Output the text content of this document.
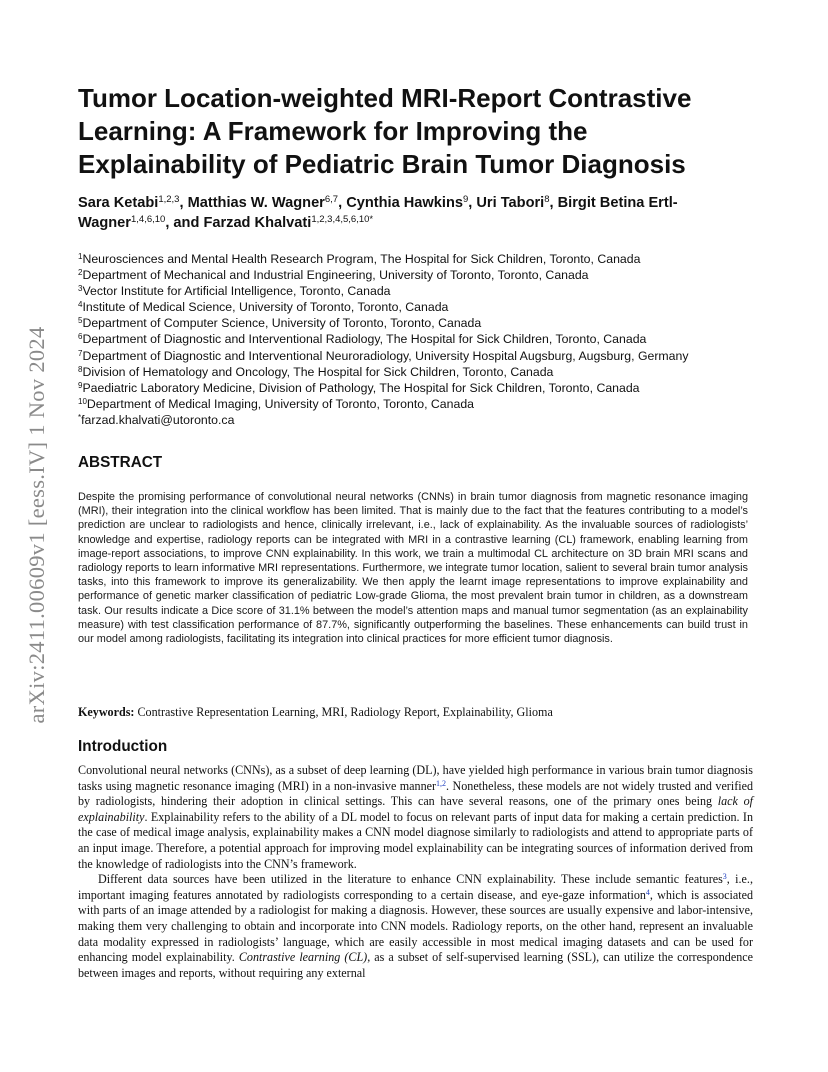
arXiv:2411.00609v1 [eess.IV] 1 Nov 2024
Tumor Location-weighted MRI-Report Contrastive Learning: A Framework for Improving the Explainability of Pediatric Brain Tumor Diagnosis

Sara Ketabi$^{1,2,3}$, Matthias W. Wagner$^{6,7}$, Cynthia Hawkins$^9$, Uri Tabori$^8$, Birgit Betina Ertl-Wagner$^{1,4,6,10}$, and Farzad Khalvati$^{1,2,3,4,5,6,10*}$

$^1$Neurosciences and Mental Health Research Program, The Hospital for Sick Children, Toronto, Canada
$^2$Department of Mechanical and Industrial Engineering, University of Toronto, Toronto, Canada
$^3$Vector Institute for Artificial Intelligence, Toronto, Canada
$^4$Institute of Medical Science, University of Toronto, Toronto, Canada
$^5$Department of Computer Science, University of Toronto, Toronto, Canada
$^6$Department of Diagnostic and Interventional Radiology, The Hospital for Sick Children, Toronto, Canada
$^7$Department of Diagnostic and Interventional Neuroradiology, University Hospital Augsburg, Augsburg, Germany
$^8$Division of Hematology and Oncology, The Hospital for Sick Children, Toronto, Canada
$^9$Paediatric Laboratory Medicine, Division of Pathology, The Hospital for Sick Children, Toronto, Canada
$^{10}$Department of Medical Imaging, University of Toronto, Toronto, Canada
*farzad.khalvati@utoronto.ca
ABSTRACT

Despite the promising performance of convolutional neural networks (CNNs) in brain tumor diagnosis from magnetic resonance imaging (MRI), their integration into the clinical workflow has been limited. That is mainly due to the fact that the features contributing to a model’s prediction are unclear to radiologists and hence, clinically irrelevant, i.e., lack of explainability. As the invaluable sources of radiologists’ knowledge and expertise, radiology reports can be integrated with MRI in a contrastive learning (CL) framework, enabling learning from image-report associations, to improve CNN explainability. In this work, we train a multimodal CL architecture on 3D brain MRI scans and radiology reports to learn informative MRI representations. Furthermore, we integrate tumor location, salient to several brain tumor analysis tasks, into this framework to improve its generalizability. We then apply the learnt image representations to improve explainability and performance of genetic marker classification of pediatric Low-grade Glioma, the most prevalent brain tumor in children, as a downstream task. Our results indicate a Dice score of 31.1% between the model’s attention maps and manual tumor segmentation (as an explainability measure) with test classification performance of 87.7%, significantly outperforming the baselines. These enhancements can build trust in our model among radiologists, facilitating its integration into clinical practices for more efficient tumor diagnosis.

Keywords: Contrastive Representation Learning, MRI, Radiology Report, Explainability, Glioma

Introduction

Convolutional neural networks (CNNs), as a subset of deep learning (DL), have yielded high performance in various brain tumor diagnosis tasks using magnetic resonance imaging (MRI) in a non-invasive manner$^{1,2}$. Nonetheless, these models are not widely trusted and verified by radiologists, hindering their adoption in clinical settings. This can have several reasons, one of the primary ones being lack of explainability. Explainability refers to the ability of a DL model to focus on relevant parts of input data for making a certain prediction. In the case of medical image analysis, explainability makes a CNN model diagnose similarly to radiologists and attend to appropriate parts of an input image. Therefore, a potential approach for improving model explainability can be integrating sources of information derived from the knowledge of radiologists into the CNN’s framework.

Different data sources have been utilized in the literature to enhance CNN explainability. These include semantic features$^3$, i.e., important imaging features annotated by radiologists corresponding to a certain disease, and eye-gaze information$^4$, which is associated with parts of an image attended by a radiologist for making a diagnosis. However, these sources are usually expensive and labor-intensive, making them very challenging to obtain and incorporate into CNN models. Radiology reports, on the other hand, represent an invaluable data modality expressed in radiologists’ language, which are easily accessible in most medical imaging datasets and can be used for enhancing model explainability. Contrastive learning (CL), as a subset of self-supervised learning (SSL), can utilize the correspondence between images and reports, without requiring any external
